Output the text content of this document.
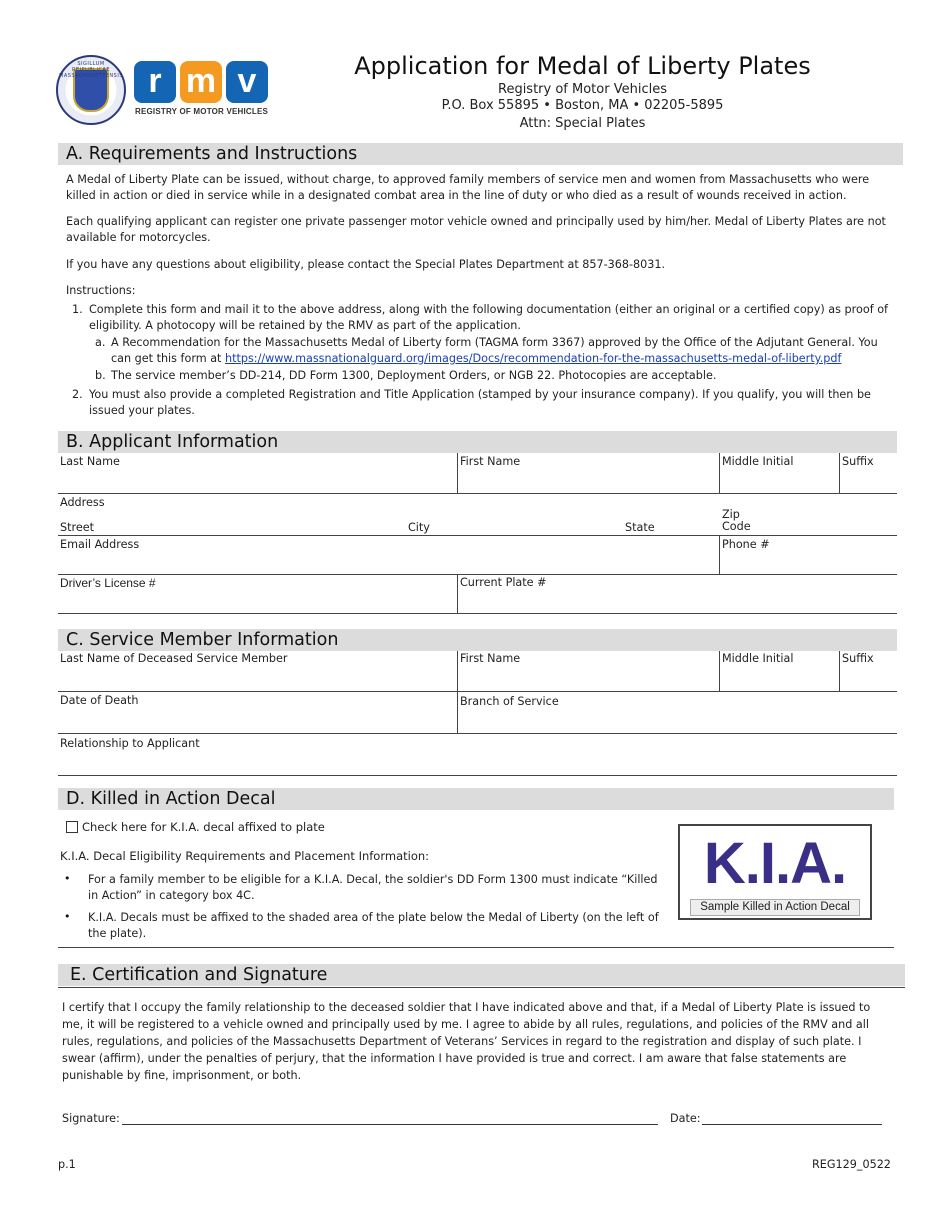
SIGILLUM REIPUBLICAE MASSACHUSETTENSIS r m v
REGISTRY OF MOTOR VEHICLES
Application for Medal of Liberty Plates
Registry of Motor Vehicles
P.O. Box 55895 • Boston, MA • 02205-5895
Attn: Special Plates
A. Requirements and Instructions
A Medal of Liberty Plate can be issued, without charge, to approved family members of service men and women from Massachusetts who were killed in action or died in service while in a designated combat area in the line of duty or who died as a result of wounds received in action.
Each qualifying applicant can register one private passenger motor vehicle owned and principally used by him/her. Medal of Liberty Plates are not available for motorcycles.
If you have any questions about eligibility, please contact the Special Plates Department at 857-368-8031.
Instructions:
1. Complete this form and mail it to the above address, along with the following documentation (either an original or a certified copy) as proof of eligibility. A photocopy will be retained by the RMV as part of the application.
a. A Recommendation for the Massachusetts Medal of Liberty form (TAGMA form 3367) approved by the Office of the Adjutant General. You can get this form at https://www.massnationalguard.org/images/Docs/recommendation-for-the-massachusetts-medal-of-liberty.pdf
b. The service member’s DD-214, DD Form 1300, Deployment Orders, or NGB 22. Photocopies are acceptable.
2. You must also provide a completed Registration and Title Application (stamped by your insurance company). If you qualify, you will then be issued your plates.
B. Applicant Information
Last Name	First Name	Middle Initial	Suffix
Address
Street	City	State
Zip Code
Email Address	Phone #
Driver’s License #	Current Plate #
C. Service Member Information
Last Name of Deceased Service Member	First Name	Middle Initial	Suffix
Date of Death	Branch of Service
Relationship to Applicant
D. Killed in Action Decal
Check here for K.I.A. decal affixed to plate
K.I.A. Decal Eligibility Requirements and Placement Information:
• For a family member to be eligible for a K.I.A. Decal, the soldier's DD Form 1300 must indicate “Killed in Action” in category box 4C.
• K.I.A. Decals must be affixed to the shaded area of the plate below the Medal of Liberty (on the left of the plate).
K.I.A.
Sample Killed in Action Decal
E. Certification and Signature
I certify that I occupy the family relationship to the deceased soldier that I have indicated above and that, if a Medal of Liberty Plate is issued to me, it will be registered to a vehicle owned and principally used by me. I agree to abide by all rules, regulations, and policies of the RMV and all rules, regulations, and policies of the Massachusetts Department of Veterans’ Services in regard to the registration and display of such plate. I swear (affirm), under the penalties of perjury, that the information I have provided is true and correct. I am aware that false statements are punishable by fine, imprisonment, or both.
Signature:	Date:
p.1	REG129_0522
